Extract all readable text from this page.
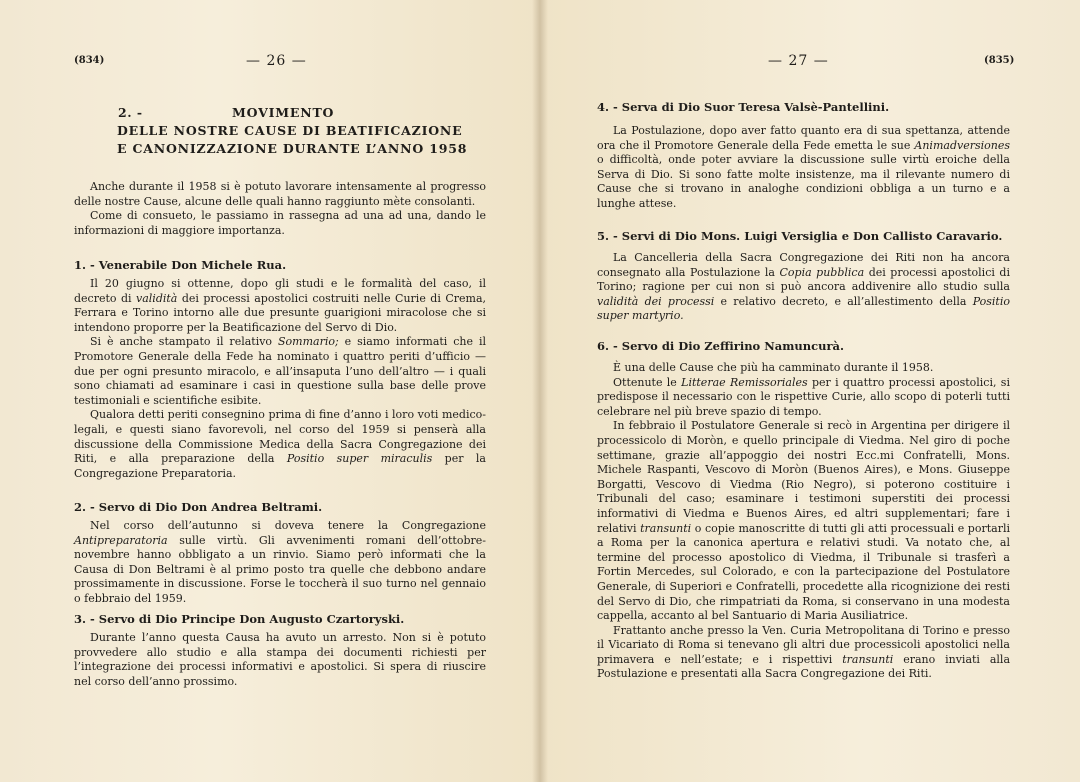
(834)	— 26 —
2. -	MOVIMENTO
DELLE NOSTRE CAUSE DI BEATIFICAZIONE
E CANONIZZAZIONE DURANTE L’ANNO 1958

Anche durante il 1958 si è potuto lavorare intensamente al progresso delle nostre Cause, alcune delle quali hanno raggiunto mète consolanti.

Come di consueto, le passiamo in rassegna ad una ad una, dando le informazioni di maggiore importanza.

1. - Venerabile Don Michele Rua.

Il 20 giugno si ottenne, dopo gli studi e le formalità del caso, il decreto di validità dei processi apostolici costruiti nelle Curie di Crema, Ferrara e Torino intorno alle due presunte guarigioni miracolose che si intendono proporre per la Beatificazione del Servo di Dio.

Si è anche stampato il relativo Sommario; e siamo informati che il Promotore Generale della Fede ha nominato i quattro periti d’ufficio — due per ogni presunto miracolo, e all’insaputa l’uno dell’altro — i quali sono chiamati ad esaminare i casi in questione sulla base delle prove testimoniali e scientifiche esibite.

Qualora detti periti consegnino prima di fine d’anno i loro voti medico-legali, e questi siano favorevoli, nel corso del 1959 si penserà alla discussione della Commissione Medica della Sacra Congregazione dei Riti, e alla preparazione della Positio super miraculis per la Congregazione Preparatoria.

2. - Servo di Dio Don Andrea Beltrami.

Nel corso dell’autunno si doveva tenere la Congregazione Antipreparatoria sulle virtù. Gli avvenimenti romani dell’ottobre-novembre hanno obbligato a un rinvio. Siamo però informati che la Causa di Don Beltrami è al primo posto tra quelle che debbono andare prossimamente in discussione. Forse le toccherà il suo turno nel gennaio o febbraio del 1959.

3. - Servo di Dio Principe Don Augusto Czartoryski.

Durante l’anno questa Causa ha avuto un arresto. Non si è potuto provvedere allo studio e alla stampa dei documenti richiesti per l’integrazione dei processi informativi e apostolici. Si spera di riuscire nel corso dell’anno prossimo.

— 27 —	(835)
4. - Serva di Dio Suor Teresa Valsè-Pantellini.

La Postulazione, dopo aver fatto quanto era di sua spettanza, attende ora che il Promotore Generale della Fede emetta le sue Animadversiones o difficoltà, onde poter avviare la discussione sulle virtù eroiche della Serva di Dio. Si sono fatte molte insistenze, ma il rilevante numero di Cause che si trovano in analoghe condizioni obbliga a un turno e a lunghe attese.

5. - Servi di Dio Mons. Luigi Versiglia e Don Callisto Caravario.

La Cancelleria della Sacra Congregazione dei Riti non ha ancora consegnato alla Postulazione la Copia pubblica dei processi apostolici di Torino; ragione per cui non si può ancora addivenire allo studio sulla validità dei processi e relativo decreto, e all’allestimento della Positio super martyrio.

6. - Servo di Dio Zeffirino Namuncurà.

È una delle Cause che più ha camminato durante il 1958.

Ottenute le Litterae Remissoriales per i quattro processi apostolici, si predispose il necessario con le rispettive Curie, allo scopo di poterli tutti celebrare nel più breve spazio di tempo.

In febbraio il Postulatore Generale si recò in Argentina per dirigere il processicolo di Moròn, e quello principale di Viedma. Nel giro di poche settimane, grazie all’appoggio dei nostri Ecc.mi Confratelli, Mons. Michele Raspanti, Vescovo di Moròn (Buenos Aires), e Mons. Giuseppe Borgatti, Vescovo di Viedma (Rio Negro), si poterono costituire i Tribunali del caso; esaminare i testimoni superstiti dei processi informativi di Viedma e Buenos Aires, ed altri supplementari; fare i relativi transunti o copie manoscritte di tutti gli atti processuali e portarli a Roma per la canonica apertura e relativi studi. Va notato che, al termine del processo apostolico di Viedma, il Tribunale si trasferì a Fortin Mercedes, sul Colorado, e con la partecipazione del Postulatore Generale, di Superiori e Confratelli, procedette alla ricognizione dei resti del Servo di Dio, che rimpatriati da Roma, si conservano in una modesta cappella, accanto al bel Santuario di Maria Ausiliatrice.

Frattanto anche presso la Ven. Curia Metropolitana di Torino e presso il Vicariato di Roma si tenevano gli altri due processicoli apostolici nella primavera e nell’estate; e i rispettivi transunti erano inviati alla Postulazione e presentati alla Sacra Congregazione dei Riti.
